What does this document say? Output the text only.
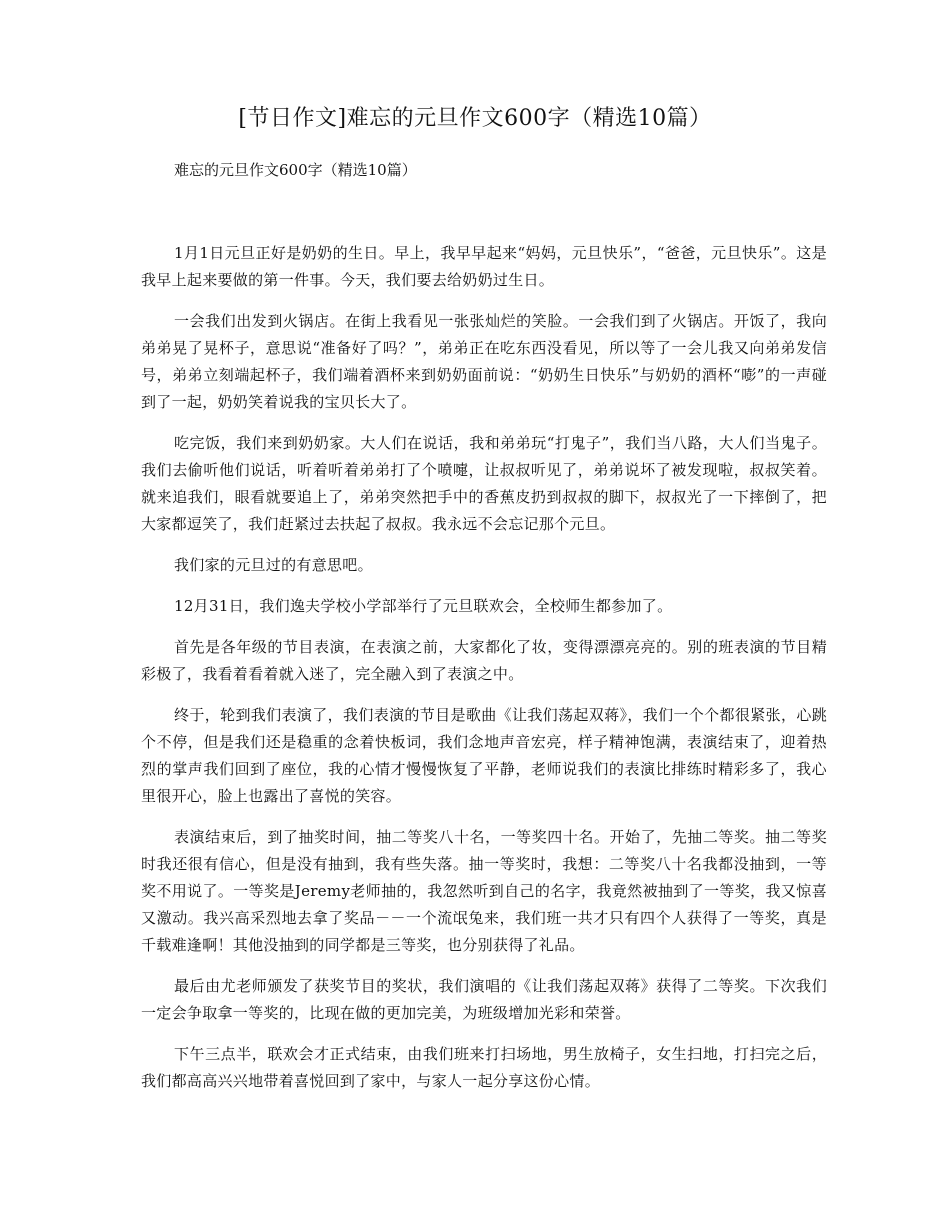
[节日作文]难忘的元旦作文600字（精选10篇）

难忘的元旦作文600字（精选10篇）

1月1日元旦正好是奶奶的生日。早上，我早早起来“妈妈，元旦快乐”，“爸爸，元旦快乐”。这是我早上起来要做的第一件事。今天，我们要去给奶奶过生日。

一会我们出发到火锅店。在街上我看见一张张灿烂的笑脸。一会我们到了火锅店。开饭了，我向弟弟晃了晃杯子，意思说“准备好了吗？”，弟弟正在吃东西没看见，所以等了一会儿我又向弟弟发信号，弟弟立刻端起杯子，我们端着酒杯来到奶奶面前说：“奶奶生日快乐”与奶奶的酒杯“嘭”的一声碰到了一起，奶奶笑着说我的宝贝长大了。

吃完饭，我们来到奶奶家。大人们在说话，我和弟弟玩“打鬼子”，我们当八路，大人们当鬼子。我们去偷听他们说话，听着听着弟弟打了个喷嚏，让叔叔听见了，弟弟说坏了被发现啦，叔叔笑着。就来追我们，眼看就要追上了，弟弟突然把手中的香蕉皮扔到叔叔的脚下，叔叔光了一下摔倒了，把大家都逗笑了，我们赶紧过去扶起了叔叔。我永远不会忘记那个元旦。

我们家的元旦过的有意思吧。

12月31日，我们逸夫学校小学部举行了元旦联欢会，全校师生都参加了。

首先是各年级的节目表演，在表演之前，大家都化了妆，变得漂漂亮亮的。别的班表演的节目精彩极了，我看着看着就入迷了，完全融入到了表演之中。

终于，轮到我们表演了，我们表演的节目是歌曲《让我们荡起双蒋》，我们一个个都很紧张，心跳个不停，但是我们还是稳重的念着快板词，我们念地声音宏亮，样子精神饱满，表演结束了，迎着热烈的掌声我们回到了座位，我的心情才慢慢恢复了平静，老师说我们的表演比排练时精彩多了，我心里很开心，脸上也露出了喜悦的笑容。

表演结束后，到了抽奖时间，抽二等奖八十名，一等奖四十名。开始了，先抽二等奖。抽二等奖时我还很有信心，但是没有抽到，我有些失落。抽一等奖时，我想：二等奖八十名我都没抽到，一等奖不用说了。一等奖是Jeremy老师抽的，我忽然听到自己的名字，我竟然被抽到了一等奖，我又惊喜又激动。我兴高采烈地去拿了奖品－－一个流氓兔来，我们班一共才只有四个人获得了一等奖，真是千载难逢啊！其他没抽到的同学都是三等奖，也分别获得了礼品。

最后由尤老师颁发了获奖节目的奖状，我们演唱的《让我们荡起双蒋》获得了二等奖。下次我们一定会争取拿一等奖的，比现在做的更加完美，为班级增加光彩和荣誉。

下午三点半，联欢会才正式结束，由我们班来打扫场地，男生放椅子，女生扫地，打扫完之后，我们都高高兴兴地带着喜悦回到了家中，与家人一起分享这份心情。
